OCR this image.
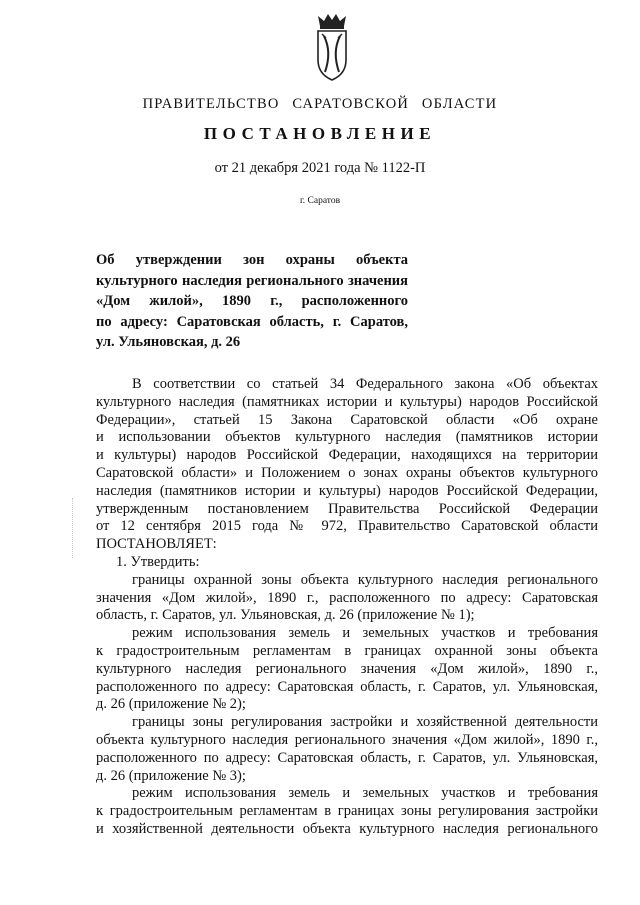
ПРАВИТЕЛЬСТВО САРАТОВСКОЙ ОБЛАСТИ
ПОСТАНОВЛЕНИЕ
от 21 декабря 2021 года № 1122-П
г. Саратов
Об утверждении зон охраны объекта
культурного наследия регионального значения
«Дом жилой», 1890 г., расположенного
по адресу: Саратовская область, г. Саратов,
ул. Ульяновская, д. 26
В соответствии со статьей 34 Федерального закона «Об объектах
культурного наследия (памятниках истории и культуры) народов Российской
Федерации», статьей 15 Закона Саратовской области «Об охране
и использовании объектов культурного наследия (памятников истории
и культуры) народов Российской Федерации, находящихся на территории
Саратовской области» и Положением о зонах охраны объектов культурного
наследия (памятников истории и культуры) народов Российской Федерации,
утвержденным постановлением Правительства Российской Федерации
от 12 сентября 2015 года № 972, Правительство Саратовской области
ПОСТАНОВЛЯЕТ:
1. Утвердить:
границы охранной зоны объекта культурного наследия регионального
значения «Дом жилой», 1890 г., расположенного по адресу: Саратовская
область, г. Саратов, ул. Ульяновская, д. 26 (приложение № 1);
режим использования земель и земельных участков и требования
к градостроительным регламентам в границах охранной зоны объекта
культурного наследия регионального значения «Дом жилой», 1890 г.,
расположенного по адресу: Саратовская область, г. Саратов, ул. Ульяновская,
д. 26 (приложение № 2);
границы зоны регулирования застройки и хозяйственной деятельности
объекта культурного наследия регионального значения «Дом жилой», 1890 г.,
расположенного по адресу: Саратовская область, г. Саратов, ул. Ульяновская,
д. 26 (приложение № 3);
режим использования земель и земельных участков и требования
к градостроительным регламентам в границах зоны регулирования застройки
и хозяйственной деятельности объекта культурного наследия регионального
